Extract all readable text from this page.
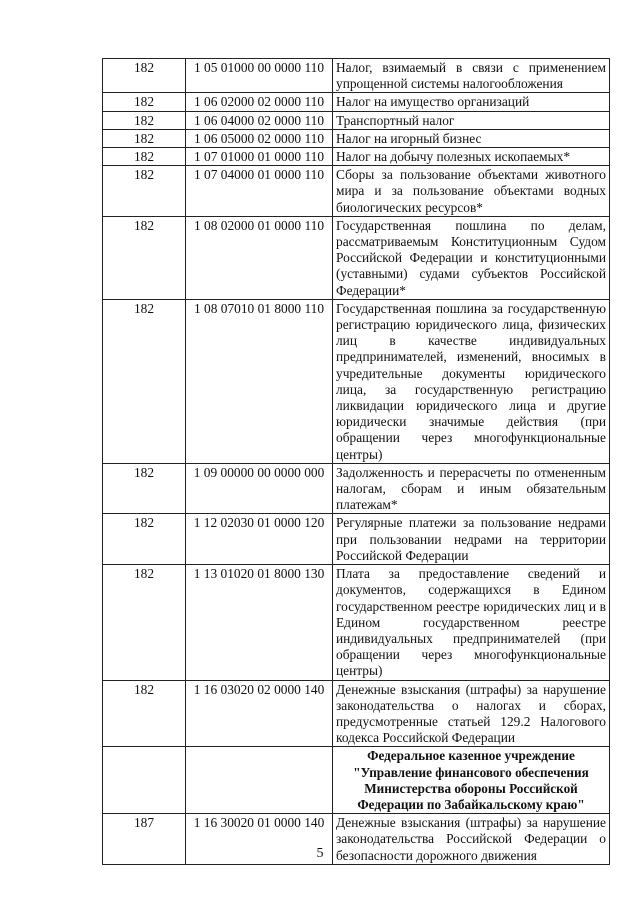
182	1 05 01000 00 0000 110	Налог, взимаемый в связи с применением упрощенной системы налогообложения
182	1 06 02000 02 0000 110	Налог на имущество организаций
182	1 06 04000 02 0000 110	Транспортный налог
182	1 06 05000 02 0000 110	Налог на игорный бизнес
182	1 07 01000 01 0000 110	Налог на добычу полезных ископаемых*
182	1 07 04000 01 0000 110	Сборы за пользование объектами животного мира и за пользование объектами водных биологических ресурсов*
182	1 08 02000 01 0000 110	Государственная пошлина по делам, рассматриваемым Конституционным Судом Российской Федерации и конституционными (уставными) судами субъектов Российской Федерации*
182	1 08 07010 01 8000 110	Государственная пошлина за государственную регистрацию юридического лица, физических лиц в качестве индивидуальных предпринимателей, изменений, вносимых в учредительные документы юридического лица, за государственную регистрацию ликвидации юридического лица и другие юридически значимые действия (при обращении через многофункциональные центры)
182	1 09 00000 00 0000 000	Задолженность и перерасчеты по отмененным налогам, сборам и иным обязательным платежам*
182	1 12 02030 01 0000 120	Регулярные платежи за пользование недрами при пользовании недрами на территории Российской Федерации
182	1 13 01020 01 8000 130	Плата за предоставление сведений и документов, содержащихся в Едином государственном реестре юридических лиц и в Едином государственном реестре индивидуальных предпринимателей (при обращении через многофункциональные центры)
182	1 16 03020 02 0000 140	Денежные взыскания (штрафы) за нарушение законодательства о налогах и сборах, предусмотренные статьей 129.2 Налогового кодекса Российской Федерации
		Федеральное казенное учреждение "Управление финансового обеспечения Министерства обороны Российской Федерации по Забайкальскому краю"
187	1 16 30020 01 0000 140	Денежные взыскания (штрафы) за нарушение законодательства Российской Федерации о безопасности дорожного движения
5
